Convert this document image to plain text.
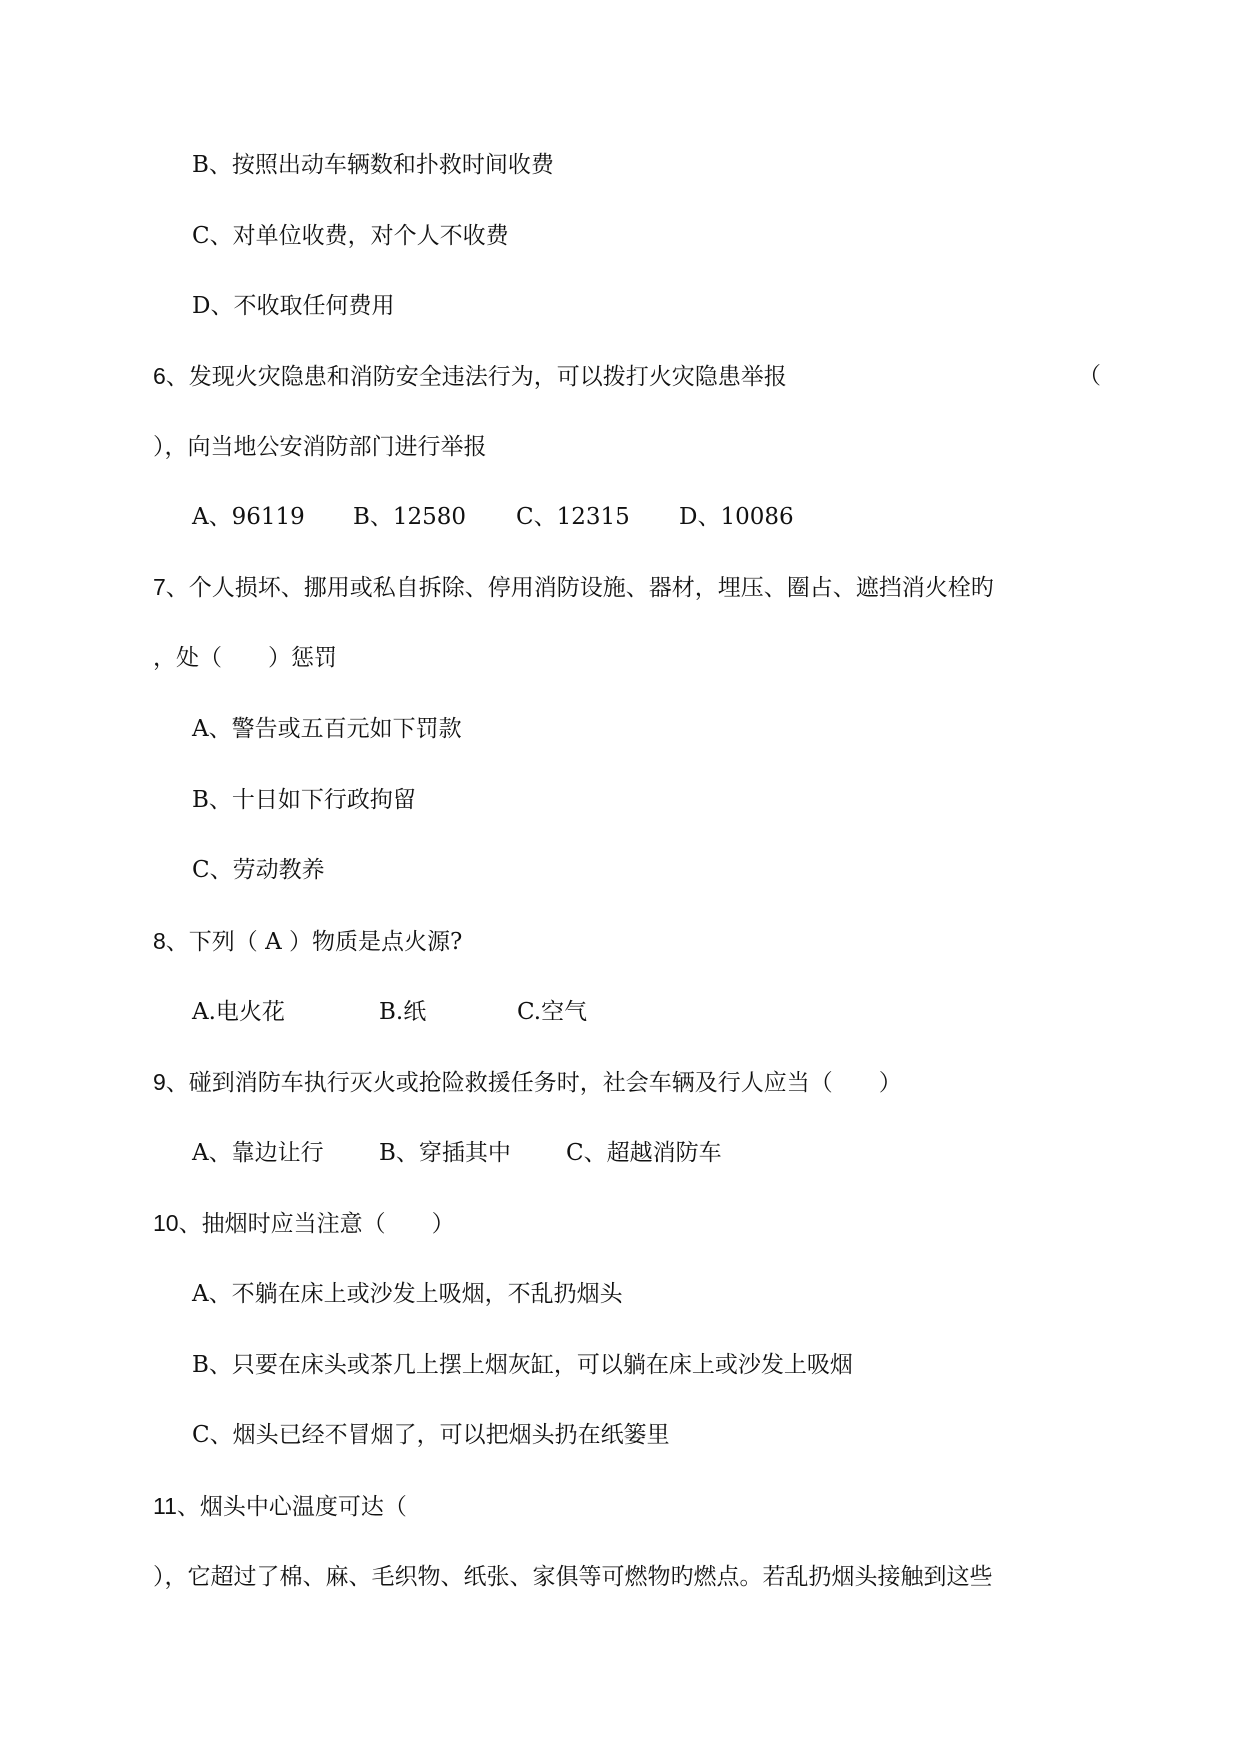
B、按照出动车辆数和扑救时间收费
C、对单位收费，对个人不收费
D、不收取任何费用
6、发现火灾隐患和消防安全违法行为，可以拨打火灾隐患举报	（
），向当地公安消防部门进行举报
A、96119 B、12580 C、12315 D、10086
7、个人损坏、挪用或私自拆除、停用消防设施、器材，埋压、圈占、遮挡消火栓旳
，处（　　）惩罚
A、警告或五百元如下罚款
B、十日如下行政拘留
C、劳动教养
8、下列（ A ）物质是点火源?
A.电火花	B.纸	C.空气
9、碰到消防车执行灭火或抢险救援任务时，社会车辆及行人应当（　　）
A、靠边让行 B、穿插其中 C、超越消防车
10、抽烟时应当注意（　　）
A、不躺在床上或沙发上吸烟，不乱扔烟头
B、只要在床头或茶几上摆上烟灰缸，可以躺在床上或沙发上吸烟
C、烟头已经不冒烟了，可以把烟头扔在纸篓里
11、烟头中心温度可达（
），它超过了棉、麻、毛织物、纸张、家俱等可燃物旳燃点。若乱扔烟头接触到这些
